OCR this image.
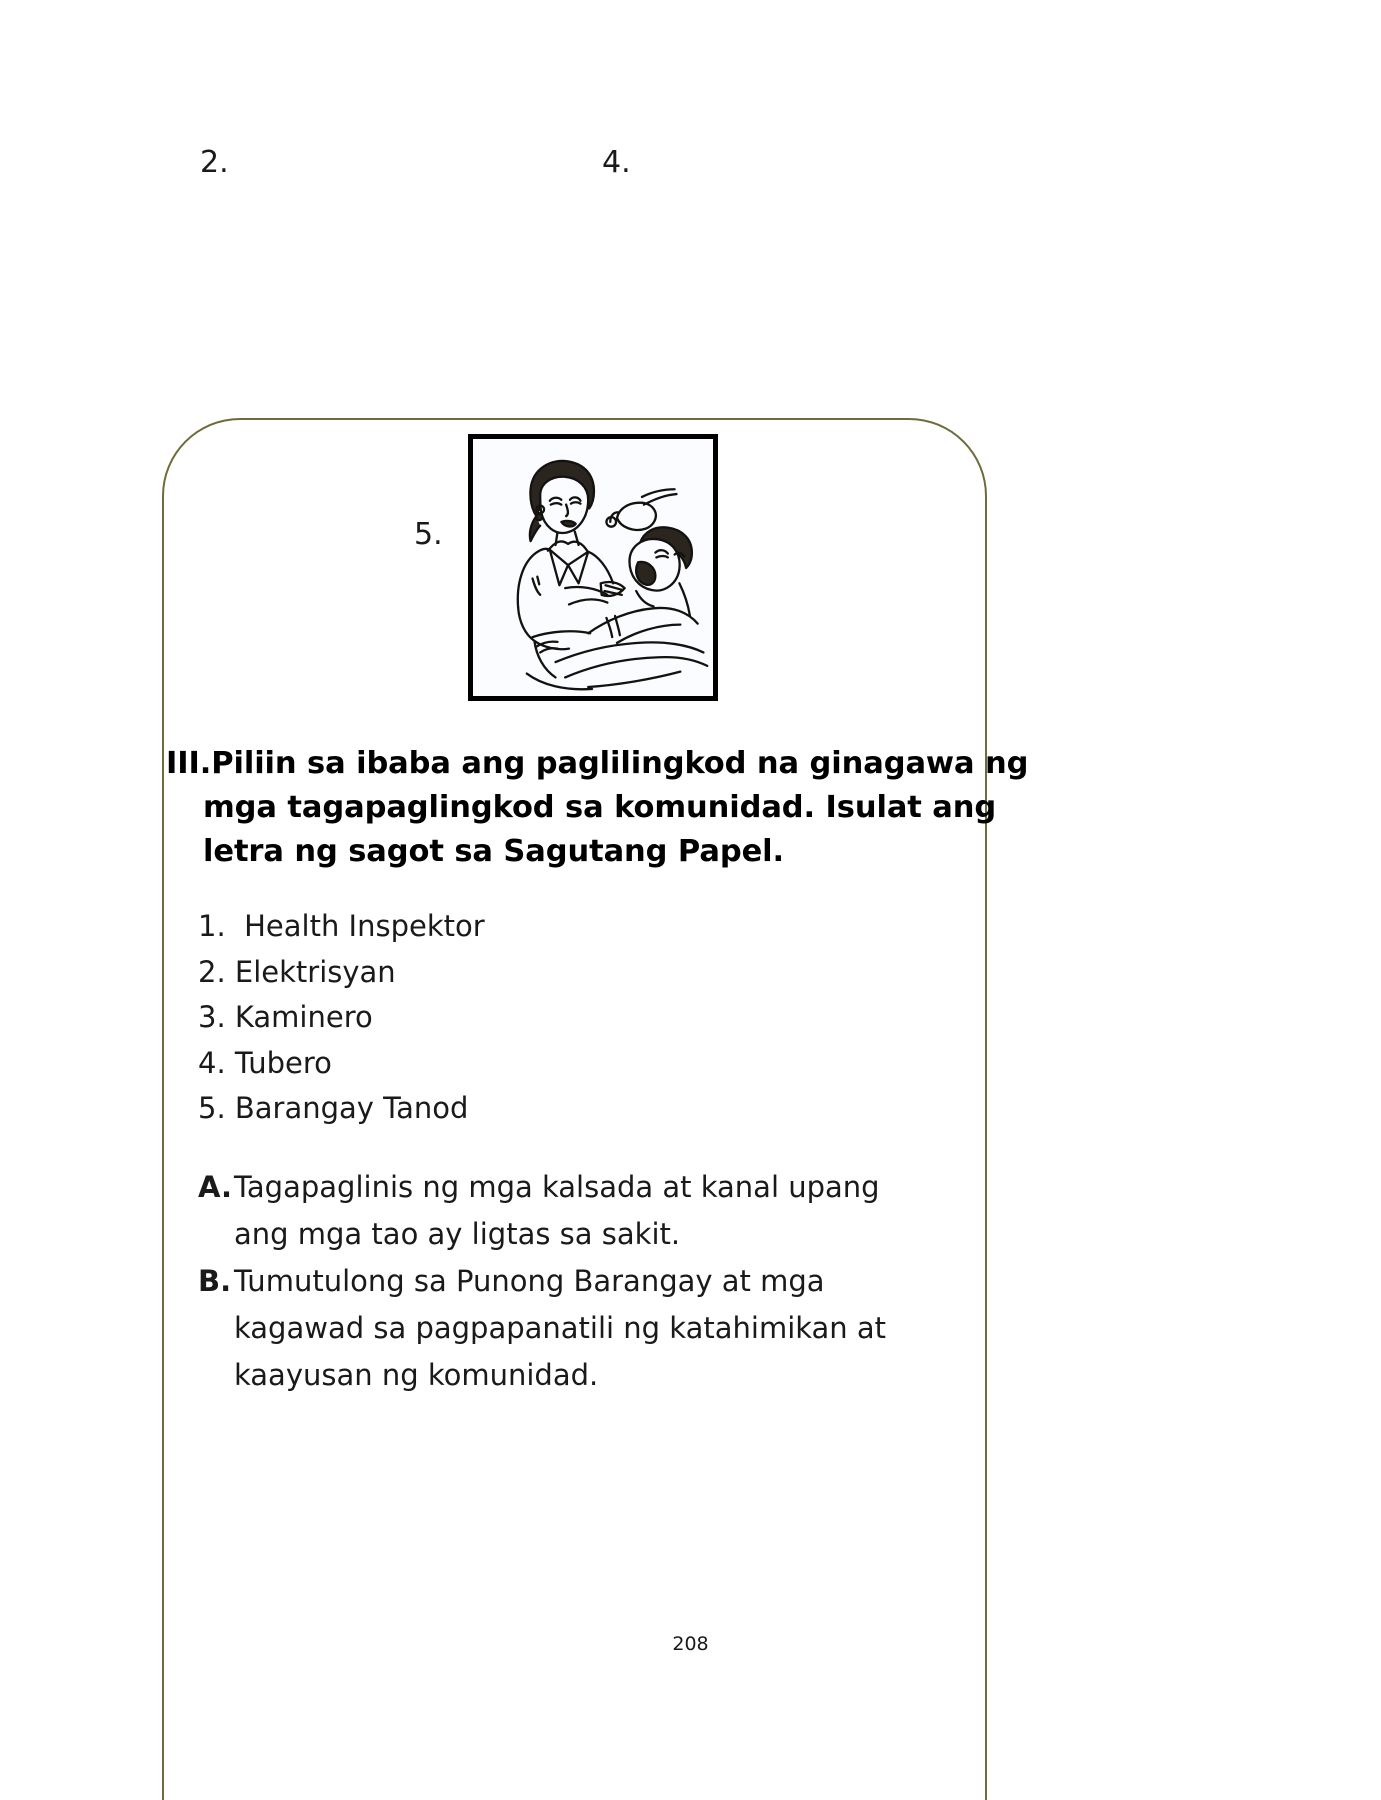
2.	4.
5.
III.Piliin sa ibaba ang paglilingkod na ginagawa ng
mga tagapaglingkod sa komunidad. Isulat ang
letra ng sagot sa Sagutang Papel.
1.  Health Inspektor
2. Elektrisyan
3. Kaminero
4. Tubero
5. Barangay Tanod
A. Tagapaglinis ng mga kalsada at kanal upang
ang mga tao ay ligtas sa sakit.
B. Tumutulong sa Punong Barangay at mga
kagawad sa pagpapanatili ng katahimikan at
kaayusan ng komunidad.
208
